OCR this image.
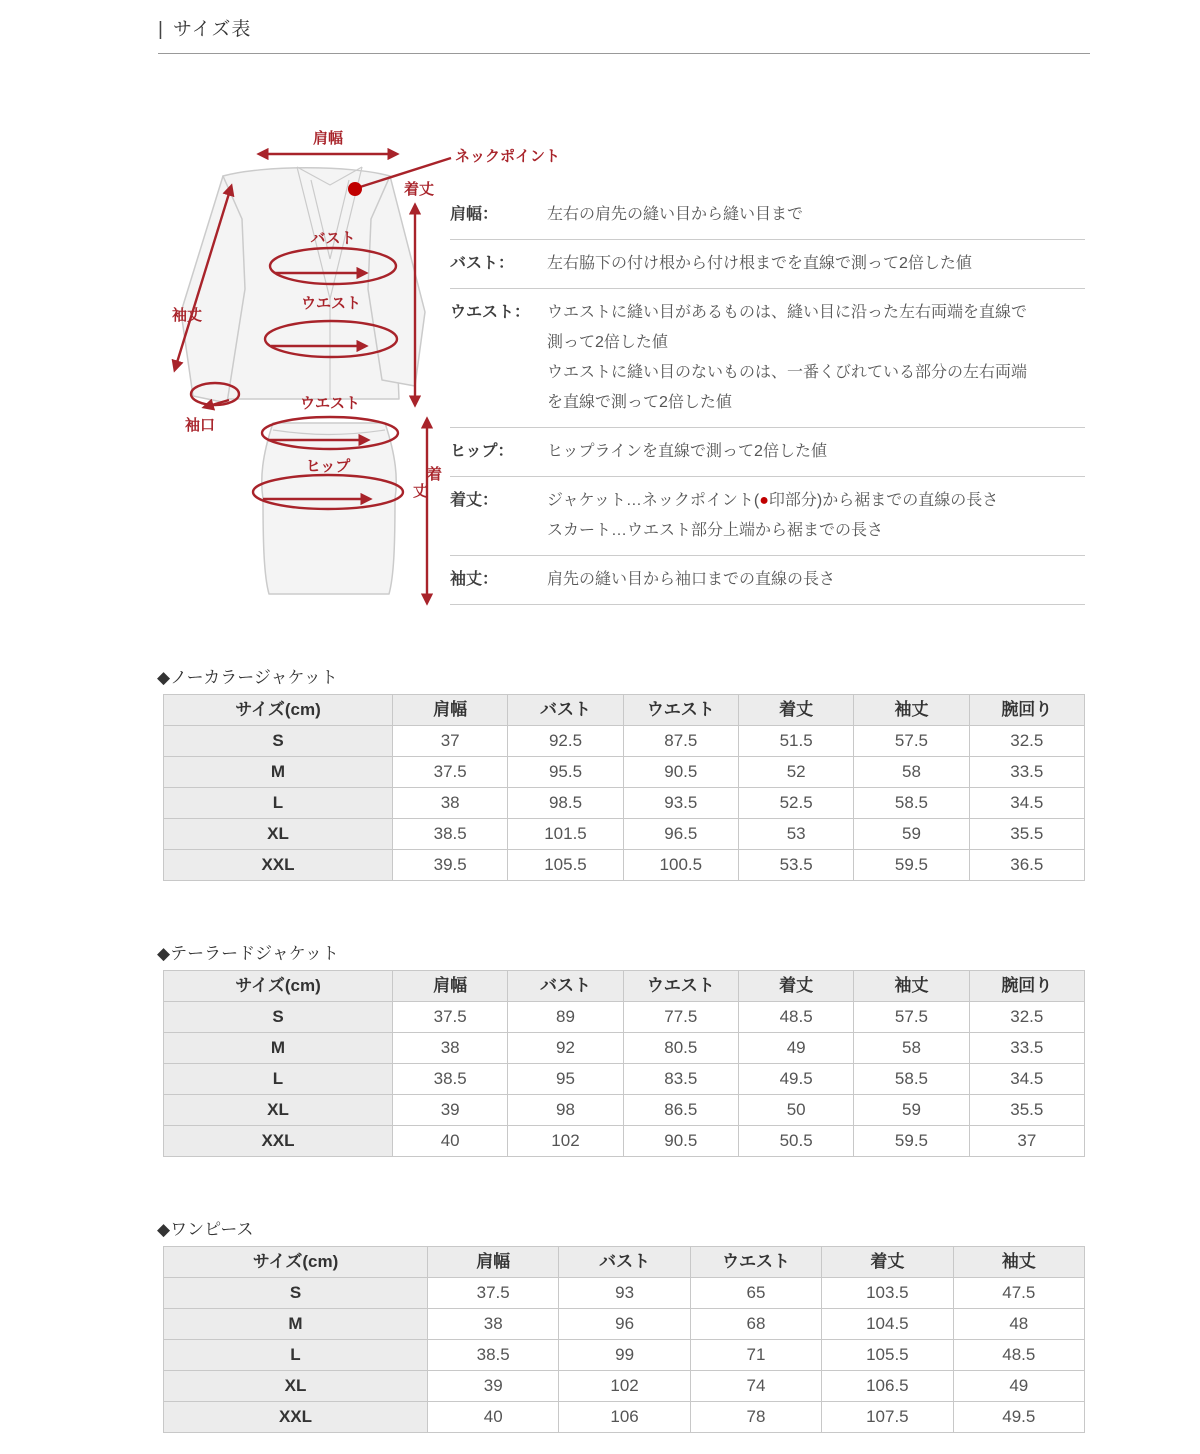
| サイズ表
肩幅
ネックポイント
着丈
袖丈
バスト
ウエスト
袖口
ウエスト
ヒップ	着
丈
肩幅：	左右の肩先の縫い目から縫い目まで
バスト：	左右脇下の付け根から付け根までを直線で測って2倍した値
ウエスト：	ウエストに縫い目があるものは、縫い目に沿った左右両端を直線で
測って2倍した値
ウエストに縫い目のないものは、一番くびれている部分の左右両端
を直線で測って2倍した値
ヒップ：	ヒップラインを直線で測って2倍した値
着丈：	ジャケット…ネックポイント(●印部分)から裾までの直線の長さ
スカート…ウエスト部分上端から裾までの長さ
袖丈：	肩先の縫い目から袖口までの直線の長さ
◆ノーカラージャケット
サイズ(cm)	肩幅	バスト	ウエスト	着丈	袖丈	腕回り
S	37	92.5	87.5	51.5	57.5	32.5
M	37.5	95.5	90.5	52	58	33.5
L	38	98.5	93.5	52.5	58.5	34.5
XL	38.5	101.5	96.5	53	59	35.5
XXL	39.5	105.5	100.5	53.5	59.5	36.5
◆テーラードジャケット
サイズ(cm)	肩幅	バスト	ウエスト	着丈	袖丈	腕回り
S	37.5	89	77.5	48.5	57.5	32.5
M	38	92	80.5	49	58	33.5
L	38.5	95	83.5	49.5	58.5	34.5
XL	39	98	86.5	50	59	35.5
XXL	40	102	90.5	50.5	59.5	37
◆ワンピース
サイズ(cm)	肩幅	バスト	ウエスト	着丈	袖丈
S	37.5	93	65	103.5	47.5
M	38	96	68	104.5	48
L	38.5	99	71	105.5	48.5
XL	39	102	74	106.5	49
XXL	40	106	78	107.5	49.5
